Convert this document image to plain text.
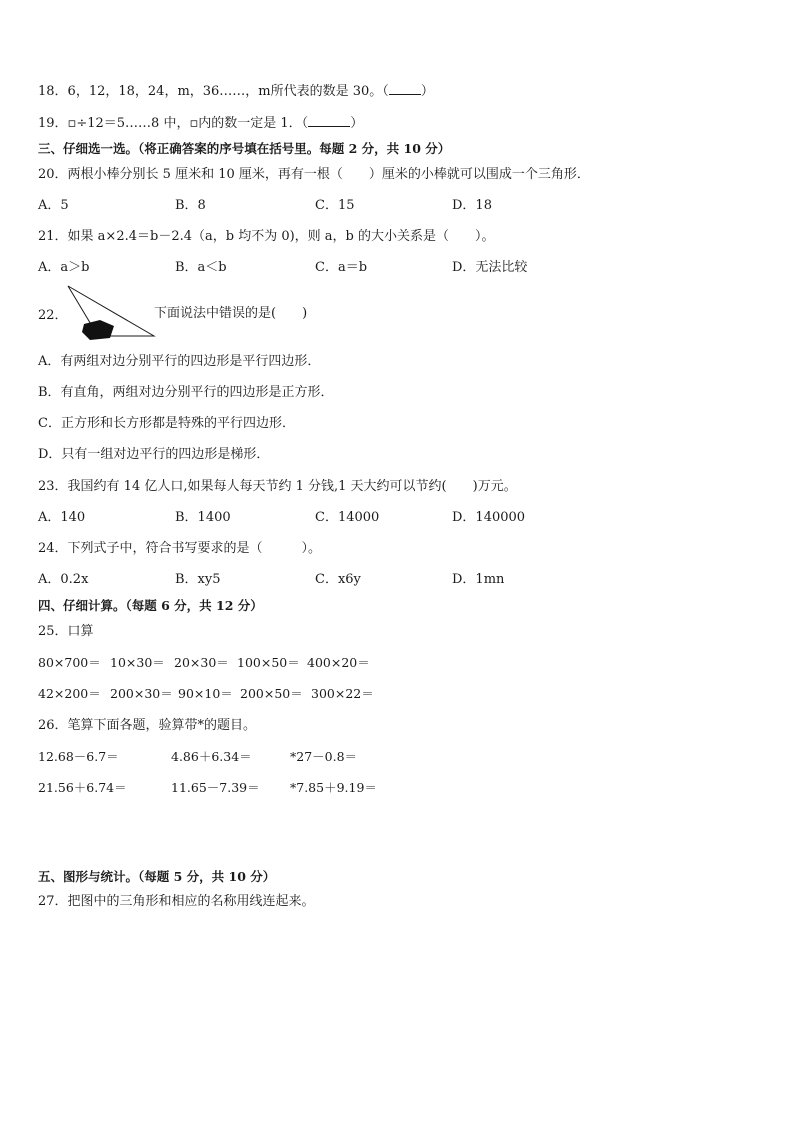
18．6，12，18，24，m，36……，m所代表的数是 30。（ ）
19．▫÷12＝5……8 中，▫内的数一定是 1．（	）
三、仔细选一选。（将正确答案的序号填在括号里。每题 2 分，共 10 分）
20．两根小棒分别长 5 厘米和 10 厘米，再有一根（　　）厘米的小棒就可以围成一个三角形．
A．5	B．8	C．15	D．18
21．如果 a×2.4＝b－2.4（a，b 均不为 0)，则 a，b 的大小关系是（　　）。
A．a＞b	B．a＜b	C．a＝b	D．无法比较
22．	下面说法中错误的是(　　)
A．有两组对边分别平行的四边形是平行四边形．
B．有直角，两组对边分别平行的四边形是正方形．
C．正方形和长方形都是特殊的平行四边形．
D．只有一组对边平行的四边形是梯形．
23．我国约有 14 亿人口,如果每人每天节约 1 分钱,1 天大约可以节约(　　)万元。
A．140	B．1400	C．14000	D．140000
24．下列式子中，符合书写要求的是（　　　）。
A．0.2x	B．xy5	C．x6y	D．1mn
四、仔细计算。（每题 6 分，共 12 分）
25．口算
80×700＝ 10×30＝ 20×30＝ 100×50＝ 400×20＝
42×200＝ 200×30＝ 90×10＝ 200×50＝ 300×22＝
26．笔算下面各题，验算带*的题目。
12.68－6.7＝	4.86＋6.34＝	*27－0.8＝
21.56＋6.74＝	11.65－7.39＝ *7.85＋9.19＝
五、图形与统计。（每题 5 分，共 10 分）
27．把图中的三角形和相应的名称用线连起来。
